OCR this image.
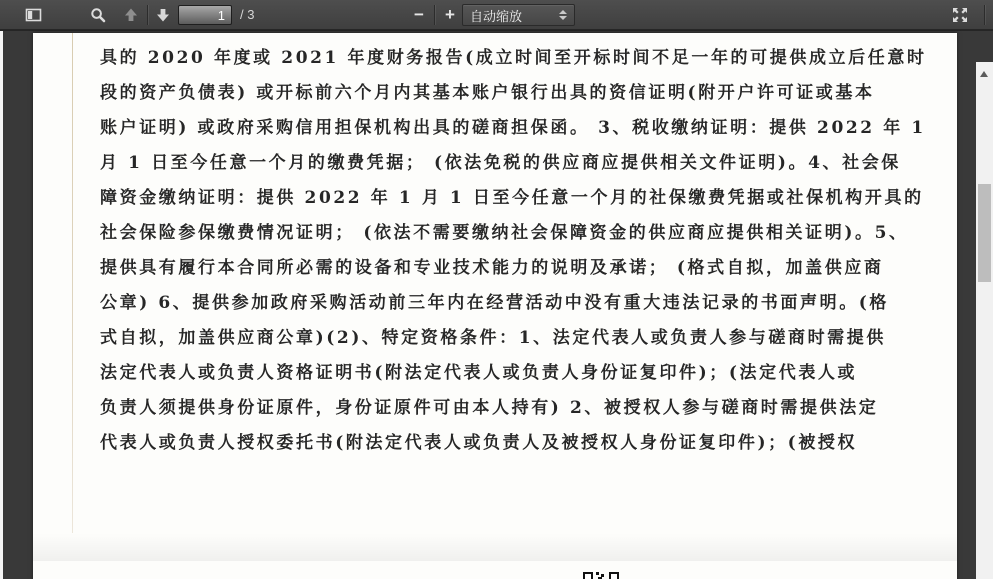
1
/ 3	− +	自动缩放
具的 2020 年度或 2021 年度财务报告(成立时间至开标时间不足一年的可提供成立后任意时
段的资产负债表) 或开标前六个月内其基本账户银行出具的资信证明(附开户许可证或基本
账户证明) 或政府采购信用担保机构出具的磋商担保函。 3、税收缴纳证明：提供 2022 年 1
月 1 日至今任意一个月的缴费凭据； (依法免税的供应商应提供相关文件证明)。4、社会保
障资金缴纳证明：提供 2022 年 1 月 1 日至今任意一个月的社保缴费凭据或社保机构开具的
社会保险参保缴费情况证明； (依法不需要缴纳社会保障资金的供应商应提供相关证明)。5、
提供具有履行本合同所必需的设备和专业技术能力的说明及承诺； (格式自拟，加盖供应商
公章) 6、提供参加政府采购活动前三年内在经营活动中没有重大违法记录的书面声明。(格
式自拟，加盖供应商公章)(2)、特定资格条件：1、法定代表人或负责人参与磋商时需提供
法定代表人或负责人资格证明书(附法定代表人或负责人身份证复印件)；(法定代表人或
负责人须提供身份证原件，身份证原件可由本人持有) 2、被授权人参与磋商时需提供法定
代表人或负责人授权委托书(附法定代表人或负责人及被授权人身份证复印件)；(被授权
